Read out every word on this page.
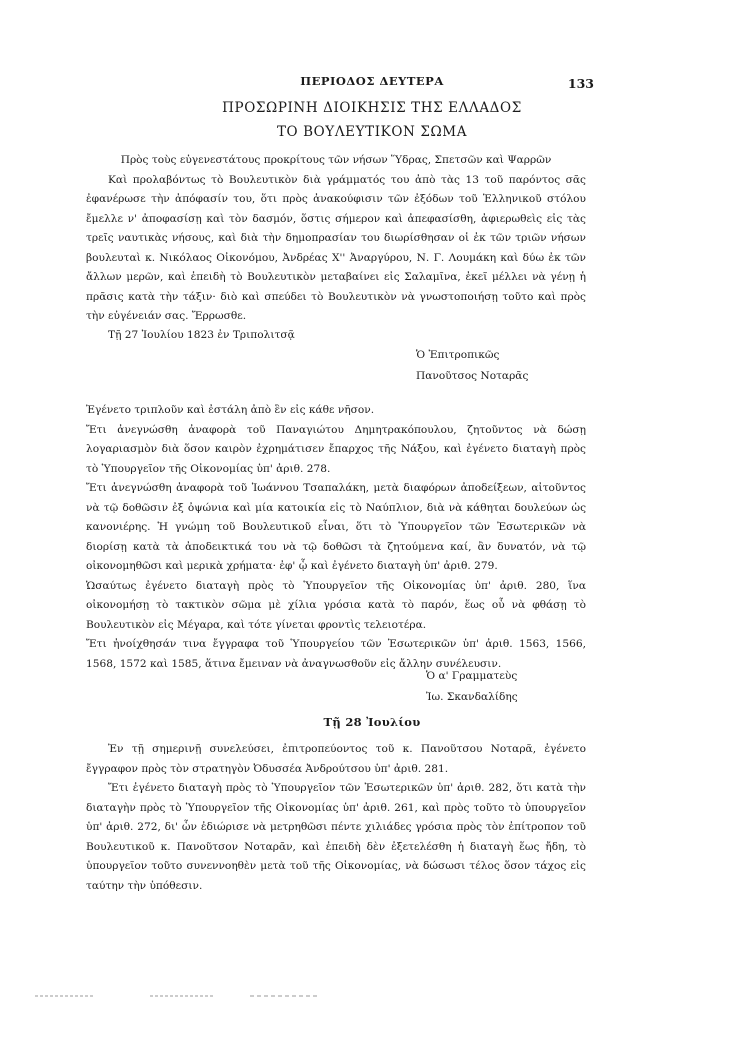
ΠΕΡΙΟΔΟΣ ΔΕΥΤΕΡΑ	133
ΠΡΟΣΩΡΙΝΗ ΔΙΟΙΚΗΣΙΣ ΤΗΣ ΕΛΛΑΔΟΣ
ΤΟ ΒΟΥΛΕΥΤΙΚΟΝ ΣΩΜΑ

Πρὸς τοὺς εὐγενεστάτους προκρίτους τῶν νήσων Ὕδρας, Σπετσῶν καὶ Ψαρρῶν

Καὶ προλαβόντως τὸ Βουλευτικὸν διὰ γράμματός του ἀπὸ τὰς 13 τοῦ παρόντος σᾶς ἐφανέρωσε τὴν ἀπόφασίν του, ὅτι πρὸς ἀνακούφισιν τῶν ἐξόδων τοῦ Ἑλληνικοῦ στόλου ἔμελλε ν' ἀποφασίσῃ καὶ τὸν δασμόν, ὅστις σήμερον καὶ ἀπεφασίσθη, ἀφιερωθεὶς εἰς τὰς τρεῖς ναυτικὰς νήσους, καὶ διὰ τὴν δημοπρασίαν του διωρίσθησαν οἱ ἐκ τῶν τριῶν νήσων βουλευταὶ κ. Νικόλαος Οἰκονόμου, Ἀνδρέας Χ'' Ἀναργύρου, Ν. Γ. Λουμάκη καὶ δύω ἐκ τῶν ἄλλων μερῶν, καὶ ἐπειδὴ τὸ Βουλευτικὸν μεταβαίνει εἰς Σαλαμῖνα, ἐκεῖ μέλλει νὰ γένῃ ἡ πρᾶσις κατὰ τὴν τάξιν· διὸ καὶ σπεύδει τὸ Βουλευτικὸν νὰ γνωστοποιήσῃ τοῦτο καὶ πρὸς τὴν εὐγένειάν σας. Ἔρρωσθε.

Τῇ 27 Ἰουλίου 1823 ἐν Τριπολιτσᾷ
Ὁ Ἐπιτροπικῶς
Πανοῦτσος Νοταρᾶς

Ἐγένετο τριπλοῦν καὶ ἐστάλη ἀπὸ ἓν εἰς κάθε νῆσον.

Ἔτι ἀνεγνώσθη ἀναφορὰ τοῦ Παναγιώτου Δημητρακόπουλου, ζητοῦντος νὰ δώσῃ λογαριασμὸν διὰ ὅσον καιρὸν ἐχρημάτισεν ἔπαρχος τῆς Νάξου, καὶ ἐγένετο διαταγὴ πρὸς τὸ Ὑπουργεῖον τῆς Οἰκονομίας ὑπ' ἀριθ. 278.

Ἔτι ἀνεγνώσθη ἀναφορὰ τοῦ Ἰωάννου Τσαπαλάκη, μετὰ διαφόρων ἀποδείξεων, αἰτοῦντος νὰ τῷ δοθῶσιν ἐξ ὀψώνια καὶ μία κατοικία εἰς τὸ Ναύπλιον, διὰ νὰ κάθηται δουλεύων ὡς κανονιέρης. Ἡ γνώμη τοῦ Βουλευτικοῦ εἶναι, ὅτι τὸ Ὑπουργεῖον τῶν Ἐσωτερικῶν νὰ διορίσῃ κατὰ τὰ ἀποδεικτικά του νὰ τῷ δοθῶσι τὰ ζητούμενα καί, ἂν δυνατόν, νὰ τῷ οἰκονομηθῶσι καὶ μερικὰ χρήματα· ἐφ' ᾧ καὶ ἐγένετο διαταγὴ ὑπ' ἀριθ. 279.

Ὡσαύτως ἐγένετο διαταγὴ πρὸς τὸ Ὑπουργεῖον τῆς Οἰκονομίας ὑπ' ἀριθ. 280, ἵνα οἰκονομήσῃ τὸ τακτικὸν σῶμα μὲ χίλια γρόσια κατὰ τὸ παρόν, ἕως οὗ νὰ φθάσῃ τὸ Βουλευτικὸν εἰς Μέγαρα, καὶ τότε γίνεται φροντὶς τελειοτέρα.

Ἔτι ἠνοίχθησάν τινα ἔγγραφα τοῦ Ὑπουργείου τῶν Ἐσωτερικῶν ὑπ' ἀριθ. 1563, 1566, 1568, 1572 καὶ 1585, ἅτινα ἔμειναν νὰ ἀναγνωσθοῦν εἰς ἄλλην συνέλευσιν.

Ὁ α' Γραμματεὺς
Ἰω. Σκανδαλίδης
Τῇ 28 Ἰουλίου

Ἐν τῇ σημερινῇ συνελεύσει, ἐπιτροπεύοντος τοῦ κ. Πανοῦτσου Νοταρᾶ, ἐγένετο ἔγγραφον πρὸς τὸν στρατηγὸν Ὀδυσσέα Ἀνδρούτσου ὑπ' ἀριθ. 281.

Ἔτι ἐγένετο διαταγὴ πρὸς τὸ Ὑπουργεῖον τῶν Ἐσωτερικῶν ὑπ' ἀριθ. 282, ὅτι κατὰ τὴν διαταγὴν πρὸς τὸ Ὑπουργεῖον τῆς Οἰκονομίας ὑπ' ἀριθ. 261, καὶ πρὸς τοῦτο τὸ ὑπουργεῖον ὑπ' ἀριθ. 272, δι' ὧν ἐδιώρισε νὰ μετρηθῶσι πέντε χιλιάδες γρόσια πρὸς τὸν ἐπίτροπον τοῦ Βουλευτικοῦ κ. Πανοῦτσον Νοταρᾶν, καὶ ἐπειδὴ δὲν ἐξετελέσθη ἡ διαταγὴ ἕως ἤδη, τὸ ὑπουργεῖον τοῦτο συνεννοηθὲν μετὰ τοῦ τῆς Οἰκονομίας, νὰ δώσωσι τέλος ὅσον τάχος εἰς ταύτην τὴν ὑπόθεσιν.
